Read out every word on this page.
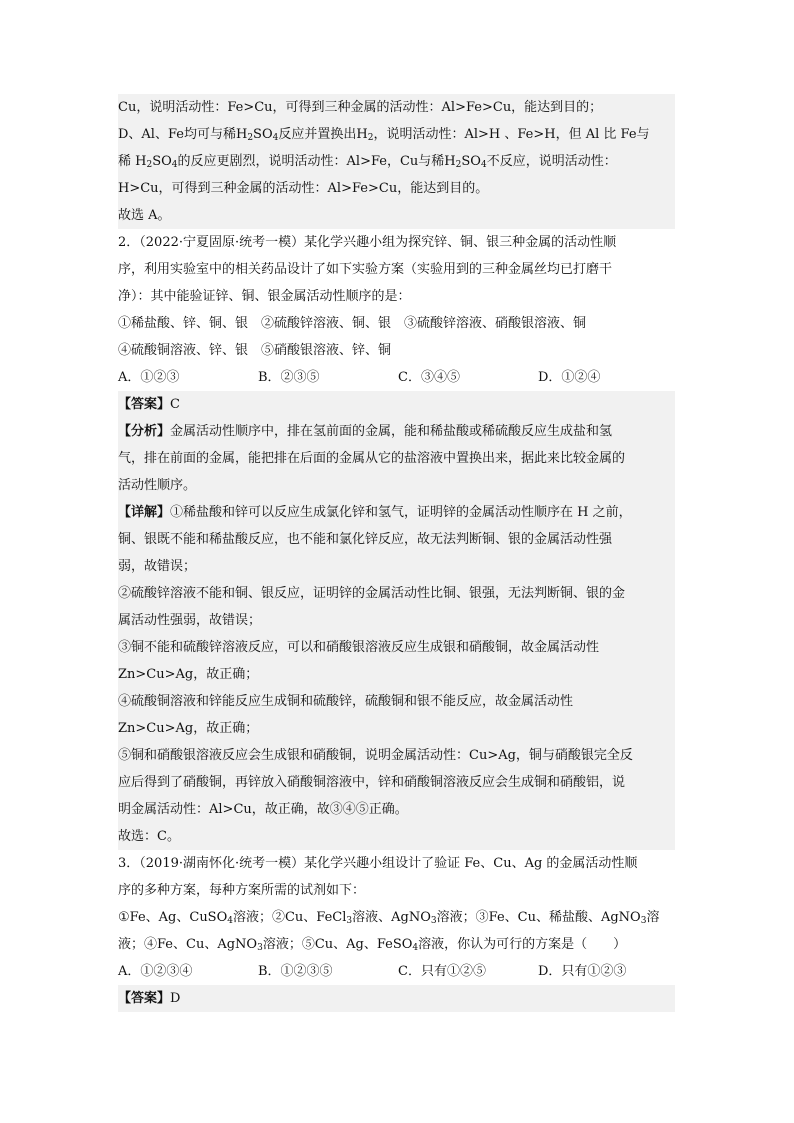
Cu，说明活动性：Fe>Cu，可得到三种金属的活动性：Al>Fe>Cu，能达到目的；
D、Al、Fe均可与稀$H_2SO_4$反应并置换出$H_2$，说明活动性：Al>H 、Fe>H，但 Al 比 Fe与
稀 $H_2SO_4$的反应更剧烈，说明活动性：Al>Fe，Cu与稀$H_2SO_4$不反应，说明活动性：
H>Cu，可得到三种金属的活动性：Al>Fe>Cu，能达到目的。
故选 A。
2．（2022·宁夏固原·统考一模）某化学兴趣小组为探究锌、铜、银三种金属的活动性顺
序，利用实验室中的相关药品设计了如下实验方案（实验用到的三种金属丝均已打磨干
净）：其中能验证锌、铜、银金属活动性顺序的是：
①稀盐酸、锌、铜、银　②硫酸锌溶液、铜、银　③硫酸锌溶液、硝酸银溶液、铜
④硫酸铜溶液、锌、银　⑤硝酸银溶液、锌、铜
A．①②③	B．②③⑤	C．③④⑤	D．①②④
【答案】C
【分析】金属活动性顺序中，排在氢前面的金属，能和稀盐酸或稀硫酸反应生成盐和氢
气，排在前面的金属，能把排在后面的金属从它的盐溶液中置换出来，据此来比较金属的
活动性顺序。
【详解】①稀盐酸和锌可以反应生成氯化锌和氢气，证明锌的金属活动性顺序在 H 之前，
铜、银既不能和稀盐酸反应，也不能和氯化锌反应，故无法判断铜、银的金属活动性强
弱，故错误；
②硫酸锌溶液不能和铜、银反应，证明锌的金属活动性比铜、银强，无法判断铜、银的金
属活动性强弱，故错误；
③铜不能和硫酸锌溶液反应，可以和硝酸银溶液反应生成银和硝酸铜，故金属活动性
Zn>Cu>Ag，故正确；
④硫酸铜溶液和锌能反应生成铜和硫酸锌，硫酸铜和银不能反应，故金属活动性
Zn>Cu>Ag，故正确；
⑤铜和硝酸银溶液反应会生成银和硝酸铜，说明金属活动性：Cu>Ag，铜与硝酸银完全反
应后得到了硝酸铜，再锌放入硝酸铜溶液中，锌和硝酸铜溶液反应会生成铜和硝酸铝，说
明金属活动性：Al>Cu，故正确，故③④⑤正确。
故选：C。
3．（2019·湖南怀化·统考一模）某化学兴趣小组设计了验证 Fe、Cu、Ag 的金属活动性顺
序的多种方案，每种方案所需的试剂如下：
①Fe、Ag、CuSO$_4$溶液；②Cu、FeCl$_3$溶液、AgNO$_3$溶液；③Fe、Cu、稀盐酸、AgNO$_3$溶
液；④Fe、Cu、AgNO$_3$溶液；⑤Cu、Ag、FeSO$_4$溶液，你认为可行的方案是（　　）
A．①②③④	B．①②③⑤	C．只有①②⑤	D．只有①②③
【答案】D
